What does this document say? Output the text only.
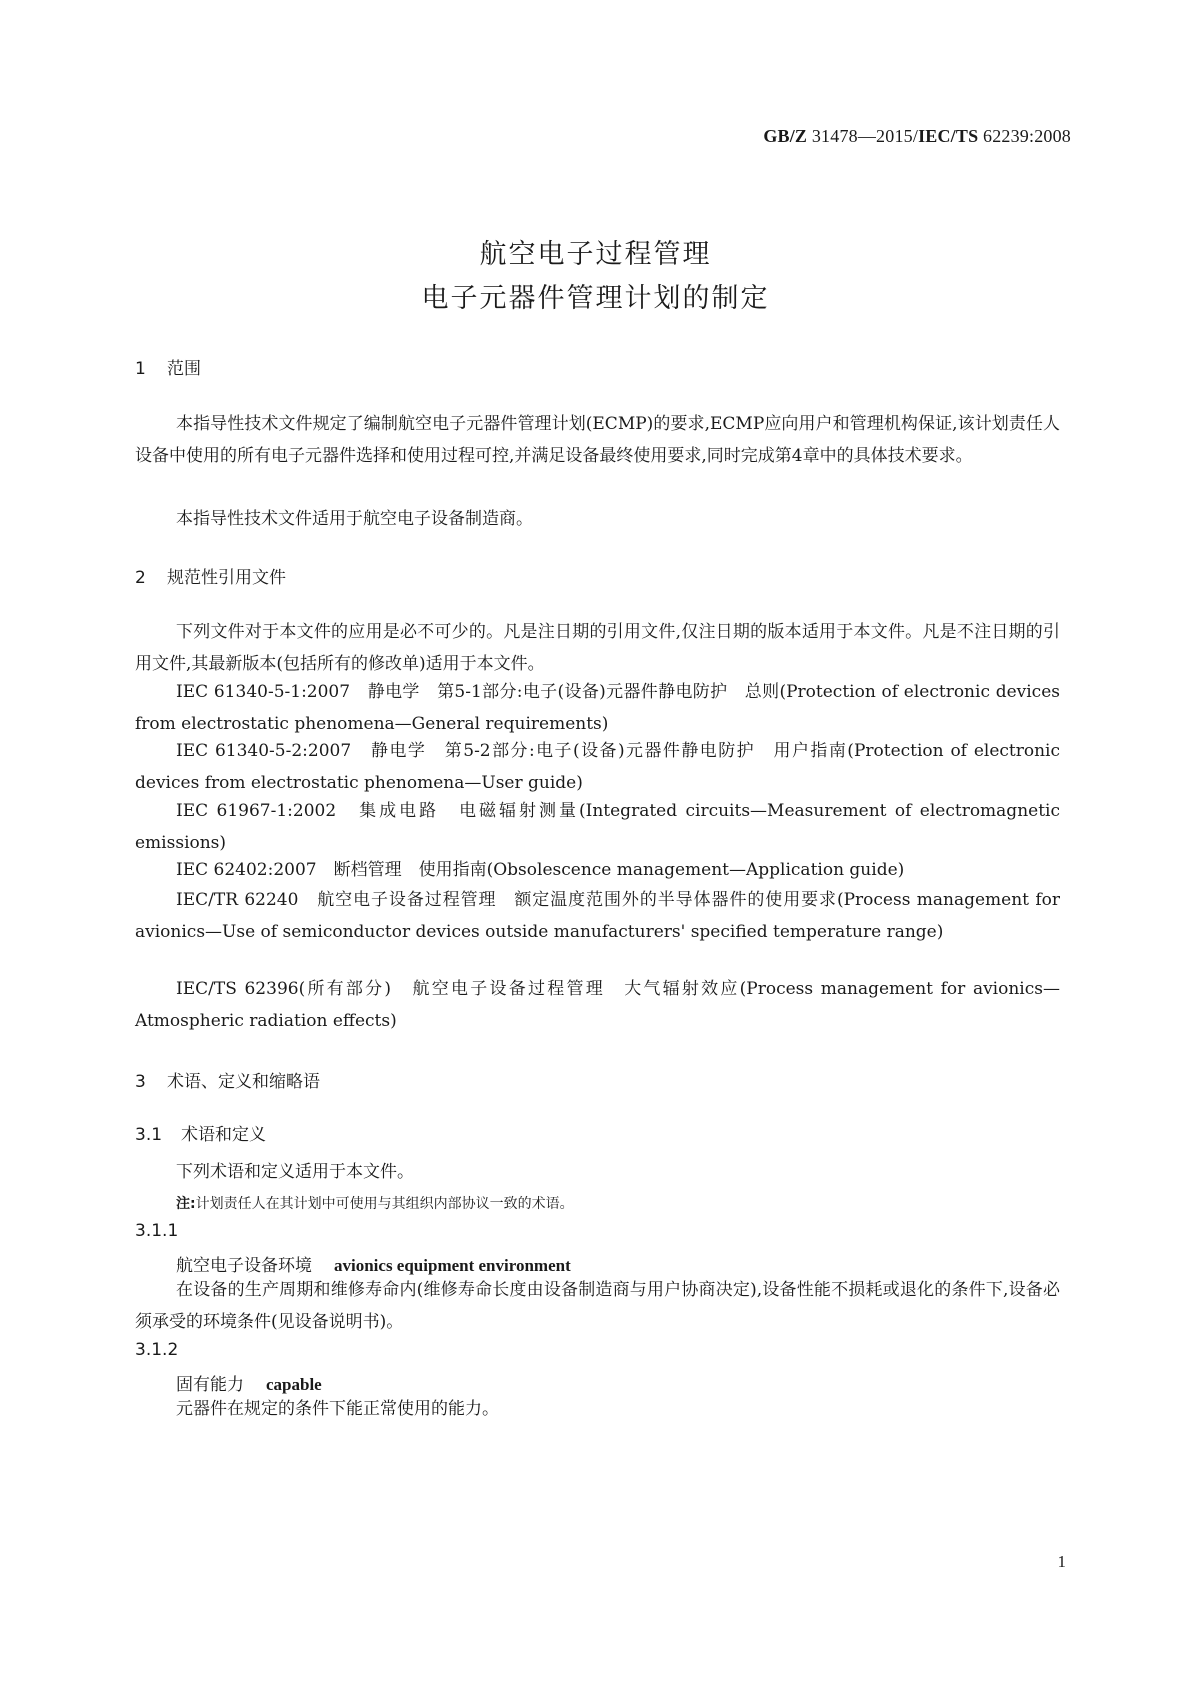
GB/Z 31478—2015/IEC/TS 62239:2008
航空电子过程管理
电子元器件管理计划的制定
1 范围
本指导性技术文件规定了编制航空电子元器件管理计划(ECMP)的要求,ECMP应向用户和管理机构保证,该计划责任人设备中使用的所有电子元器件选择和使用过程可控,并满足设备最终使用要求,同时完成第4章中的具体技术要求。
本指导性技术文件适用于航空电子设备制造商。
2 规范性引用文件
下列文件对于本文件的应用是必不可少的。凡是注日期的引用文件,仅注日期的版本适用于本文件。凡是不注日期的引用文件,其最新版本(包括所有的修改单)适用于本文件。
IEC 61340-5-1:2007　静电学　第5-1部分:电子(设备)元器件静电防护　总则(Protection of electronic devices from electrostatic phenomena—General requirements)
IEC 61340-5-2:2007　静电学　第5-2部分:电子(设备)元器件静电防护　用户指南(Protection of electronic devices from electrostatic phenomena—User guide)
IEC 61967-1:2002　集成电路　电磁辐射测量(Integrated circuits—Measurement of electromagnetic emissions)
IEC 62402:2007　断档管理　使用指南(Obsolescence management—Application guide)
IEC/TR 62240　航空电子设备过程管理　额定温度范围外的半导体器件的使用要求(Process management for avionics—Use of semiconductor devices outside manufacturers' specified temperature range)
IEC/TS 62396(所有部分)　航空电子设备过程管理　大气辐射效应(Process management for avionics—Atmospheric radiation effects)
3 术语、定义和缩略语
3.1 术语和定义
下列术语和定义适用于本文件。
注:计划责任人在其计划中可使用与其组织内部协议一致的术语。
3.1.1
航空电子设备环境 avionics equipment environment
在设备的生产周期和维修寿命内(维修寿命长度由设备制造商与用户协商决定),设备性能不损耗或退化的条件下,设备必须承受的环境条件(见设备说明书)。
3.1.2
固有能力 capable
元器件在规定的条件下能正常使用的能力。
1
